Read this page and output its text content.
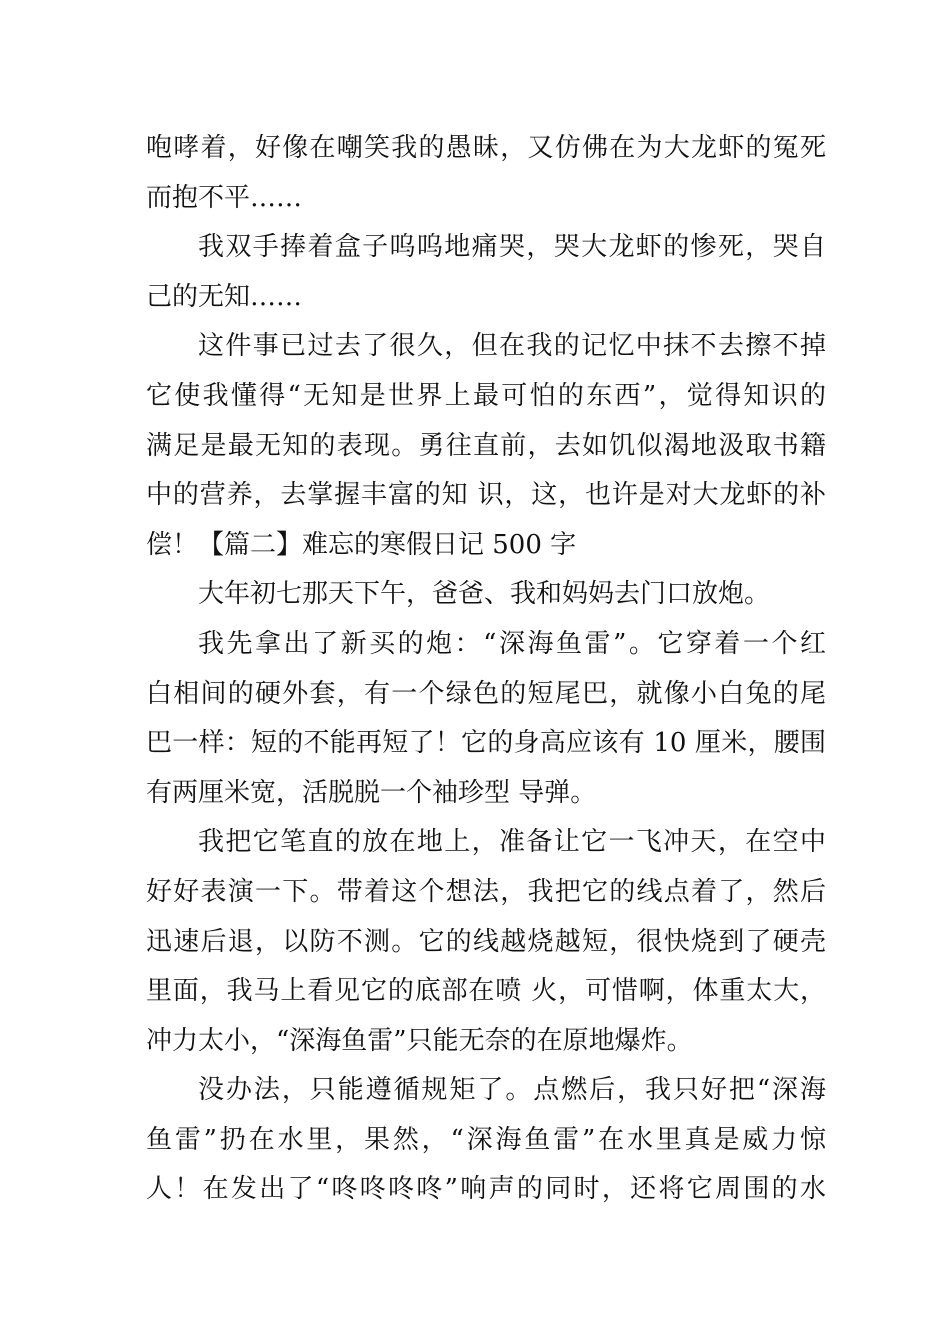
咆哮着，好像在嘲笑我的愚昧，又仿佛在为大龙虾的冤死
而抱不平……
我双手捧着盒子呜呜地痛哭，哭大龙虾的惨死，哭自
己的无知……
这件事已过去了很久，但在我的记忆中抹不去擦不掉
它使我懂得“无知是世界上最可怕的东西”，觉得知识的
满足是最无知的表现。勇往直前，去如饥似渴地汲取书籍
中的营养，去掌握丰富的知 识，这，也许是对大龙虾的补
偿！【篇二】难忘的寒假日记 500 字
大年初七那天下午，爸爸、我和妈妈去门口放炮。
我先拿出了新买的炮：“深海鱼雷”。它穿着一个红
白相间的硬外套，有一个绿色的短尾巴，就像小白兔的尾
巴一样：短的不能再短了！它的身高应该有 10 厘米，腰围
有两厘米宽，活脱脱一个袖珍型 导弹。
我把它笔直的放在地上，准备让它一飞冲天，在空中
好好表演一下。带着这个想法，我把它的线点着了，然后
迅速后退，以防不测。它的线越烧越短，很快烧到了硬壳
里面，我马上看见它的底部在喷 火，可惜啊，体重太大，
冲力太小，“深海鱼雷”只能无奈的在原地爆炸。
没办法，只能遵循规矩了。点燃后，我只好把“深海
鱼雷”扔在水里，果然，“深海鱼雷”在水里真是威力惊
人！在发出了“咚咚咚咚”响声的同时，还将它周围的水
